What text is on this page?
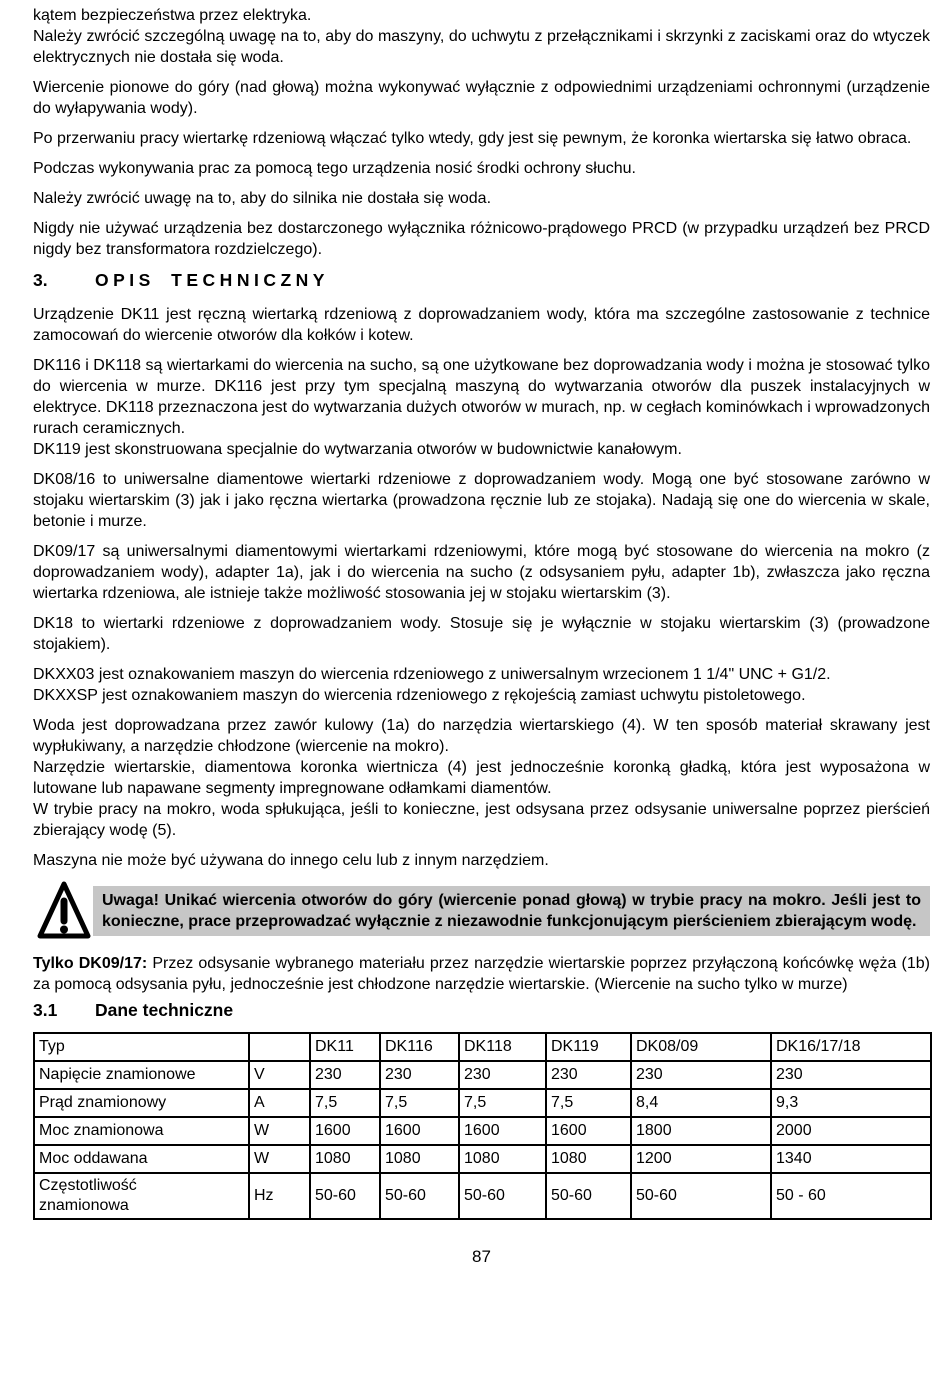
kątem bezpieczeństwa przez elektryka.

Należy zwrócić szczególną uwagę na to, aby do maszyny, do uchwytu z przełącznikami i skrzynki z zaciskami oraz do wtyczek elektrycznych nie dostała się woda.

Wiercenie pionowe do góry (nad głową) można wykonywać wyłącznie z odpowiednimi urządzeniami ochronnymi (urządzenie do wyłapywania wody).

Po przerwaniu pracy wiertarkę rdzeniową włączać tylko wtedy, gdy jest się pewnym, że koronka wiertarska się łatwo obraca.

Podczas wykonywania prac za pomocą tego urządzenia nosić środki ochrony słuchu.

Należy zwrócić uwagę na to, aby do silnika nie dostała się woda.

Nigdy nie używać urządzenia bez dostarczonego wyłącznika różnicowo-prądowego PRCD (w przypadku urządzeń bez PRCD nigdy bez transformatora rozdzielczego).

3.	OPIS TECHNICZNY

Urządzenie DK11 jest ręczną wiertarką rdzeniową z doprowadzaniem wody, która ma szczególne zastosowanie z technice zamocowań do wiercenie otworów dla kołków i kotew.

DK116 i DK118 są wiertarkami do wiercenia na sucho, są one użytkowane bez doprowadzania wody i można je stosować tylko do wiercenia w murze. DK116 jest przy tym specjalną maszyną do wytwarzania otworów dla puszek instalacyjnych w elektryce. DK118 przeznaczona jest do wytwarzania dużych otworów w murach, np. w cegłach kominówkach i wprowadzonych rurach ceramicznych.

DK119 jest skonstruowana specjalnie do wytwarzania otworów w budownictwie kanałowym.

DK08/16 to uniwersalne diamentowe wiertarki rdzeniowe z doprowadzaniem wody. Mogą one być stosowane zarówno w stojaku wiertarskim (3) jak i jako ręczna wiertarka (prowadzona ręcznie lub ze stojaka). Nadają się one do wiercenia w skale, betonie i murze.

DK09/17 są uniwersalnymi diamentowymi wiertarkami rdzeniowymi, które mogą być stosowane do wiercenia na mokro (z doprowadzaniem wody), adapter 1a), jak i do wiercenia na sucho (z odsysaniem pyłu, adapter 1b), zwłaszcza jako ręczna wiertarka rdzeniowa, ale istnieje także możliwość stosowania jej w stojaku wiertarskim (3).

DK18 to wiertarki rdzeniowe z doprowadzaniem wody. Stosuje się je wyłącznie w stojaku wiertarskim (3) (prowadzone stojakiem).

DKXX03 jest oznakowaniem maszyn do wiercenia rdzeniowego z uniwersalnym wrzecionem 1 1/4" UNC + G1/2.

DKXXSP jest oznakowaniem maszyn do wiercenia rdzeniowego z rękojeścią zamiast uchwytu pistoletowego.

Woda jest doprowadzana przez zawór kulowy (1a) do narzędzia wiertarskiego (4). W ten sposób materiał skrawany jest wypłukiwany, a narzędzie chłodzone (wiercenie na mokro).

Narzędzie wiertarskie, diamentowa koronka wiertnicza (4) jest jednocześnie koronką gładką, która jest wyposażona w lutowane lub napawane segmenty impregnowane odłamkami diamentów.

W trybie pracy na mokro, woda spłukująca, jeśli to konieczne, jest odsysana przez odsysanie uniwersalne poprzez pierścień zbierający wodę (5).

Maszyna nie może być używana do innego celu lub z innym narzędziem.

Uwaga! Unikać wiercenia otworów do góry (wiercenie ponad głową) w trybie pracy na mokro. Jeśli jest to konieczne, prace przeprowadzać wyłącznie z niezawodnie funkcjonującym pierścieniem zbierającym wodę.

Tylko DK09/17: Przez odsysanie wybranego materiału przez narzędzie wiertarskie poprzez przyłączoną końcówkę węża (1b) za pomocą odsysania pyłu, jednocześnie jest chłodzone narzędzie wiertarskie. (Wiercenie na sucho tylko w murze)

3.1	Dane techniczne
Typ		DK11	DK116	DK118	DK119	DK08/09	DK16/17/18
Napięcie znamionowe	V	230	230	230	230	230	230
Prąd znamionowy	A	7,5	7,5	7,5	7,5	8,4	9,3
Moc znamionowa	W	1600	1600	1600	1600	1800	2000
Moc oddawana	W	1080	1080	1080	1080	1200	1340
Częstotliwość znamionowa	Hz	50-60	50-60	50-60	50-60	50-60	50 - 60
87
